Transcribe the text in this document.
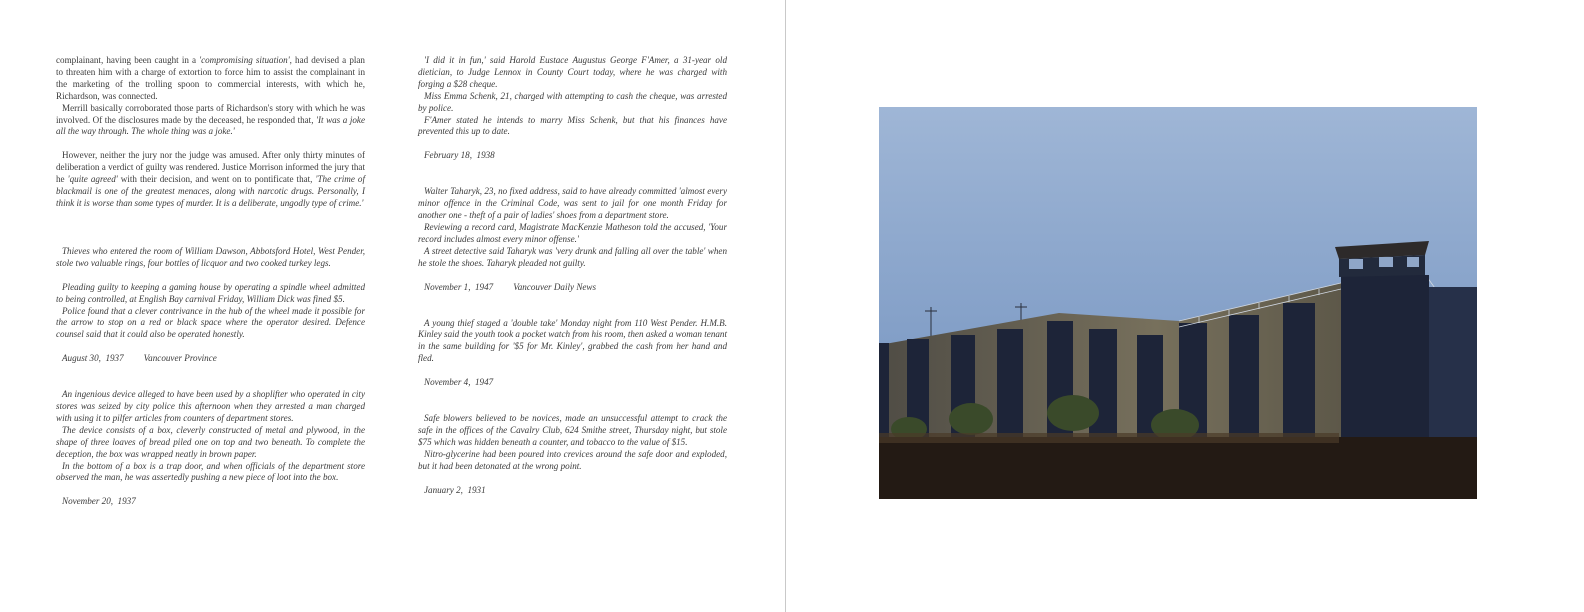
complainant, having been caught in a 'compromising situation', had devised a plan to threaten him with a charge of extortion to force him to assist the complainant in the marketing of the trolling spoon to commercial interests, with which he, Richardson, was connected.

Merrill basically corroborated those parts of Richardson's story with which he was involved. Of the disclosures made by the deceased, he responded that, 'It was a joke all the way through. The whole thing was a joke.'

However, neither the jury nor the judge was amused. After only thirty minutes of deliberation a verdict of guilty was rendered. Justice Morrison informed the jury that he 'quite agreed' with their decision, and went on to pontificate that, 'The crime of blackmail is one of the greatest menaces, along with narcotic drugs. Personally, I think it is worse than some types of murder. It is a deliberate, ungodly type of crime.'

Thieves who entered the room of William Dawson, Abbotsford Hotel, West Pender, stole two valuable rings, four bottles of licquor and two cooked turkey legs.

Pleading guilty to keeping a gaming house by operating a spindle wheel admitted to being controlled, at English Bay carnival Friday, William Dick was fined $5.

Police found that a clever contrivance in the hub of the wheel made it possible for the arrow to stop on a red or black space where the operator desired. Defence counsel said that it could also be operated honestly.

August 30,  1937 Vancouver Province

An ingenious device alleged to have been used by a shoplifter who operated in city stores was seized by city police this afternoon when they arrested a man charged with using it to pilfer articles from counters of department stores.

The device consists of a box, cleverly constructed of metal and plywood, in the shape of three loaves of bread piled one on top and two beneath. To complete the deception, the box was wrapped neatly in brown paper.

In the bottom of a box is a trap door, and when officials of the department store observed the man, he was assertedly pushing a new piece of loot into the box.

November 20,  1937

'I did it in fun,' said Harold Eustace Augustus George F'Amer, a 31-year old dietician, to Judge Lennox in County Court today, where he was charged with forging a $28 cheque.

Miss Emma Schenk, 21, charged with attempting to cash the cheque, was arrested by police.

F'Amer stated he intends to marry Miss Schenk, but that his finances have prevented this up to date.

February 18,  1938

Walter Taharyk, 23, no fixed address, said to have already committed 'almost every minor offence in the Criminal Code, was sent to jail for one month Friday for another one - theft of a pair of ladies' shoes from a department store.

Reviewing a record card, Magistrate MacKenzie Matheson told the accused, 'Your record includes almost every minor offense.'

A street detective said Taharyk was 'very drunk and falling all over the table' when he stole the shoes. Taharyk pleaded not guilty.

November 1,  1947 Vancouver Daily News

A young thief staged a 'double take' Monday night from 110 West Pender. H.M.B. Kinley said the youth took a pocket watch from his room, then asked a woman tenant in the same building for '$5 for Mr. Kinley', grabbed the cash from her hand and fled.

November 4,  1947

Safe blowers believed to be novices, made an unsuccessful attempt to crack the safe in the offices of the Cavalry Club, 624 Smithe street, Thursday night, but stole $75 which was hidden beneath a counter, and tobacco to the value of $15.

Nitro-glycerine had been poured into crevices around the safe door and exploded, but it had been detonated at the wrong point.

January 2,  1931
